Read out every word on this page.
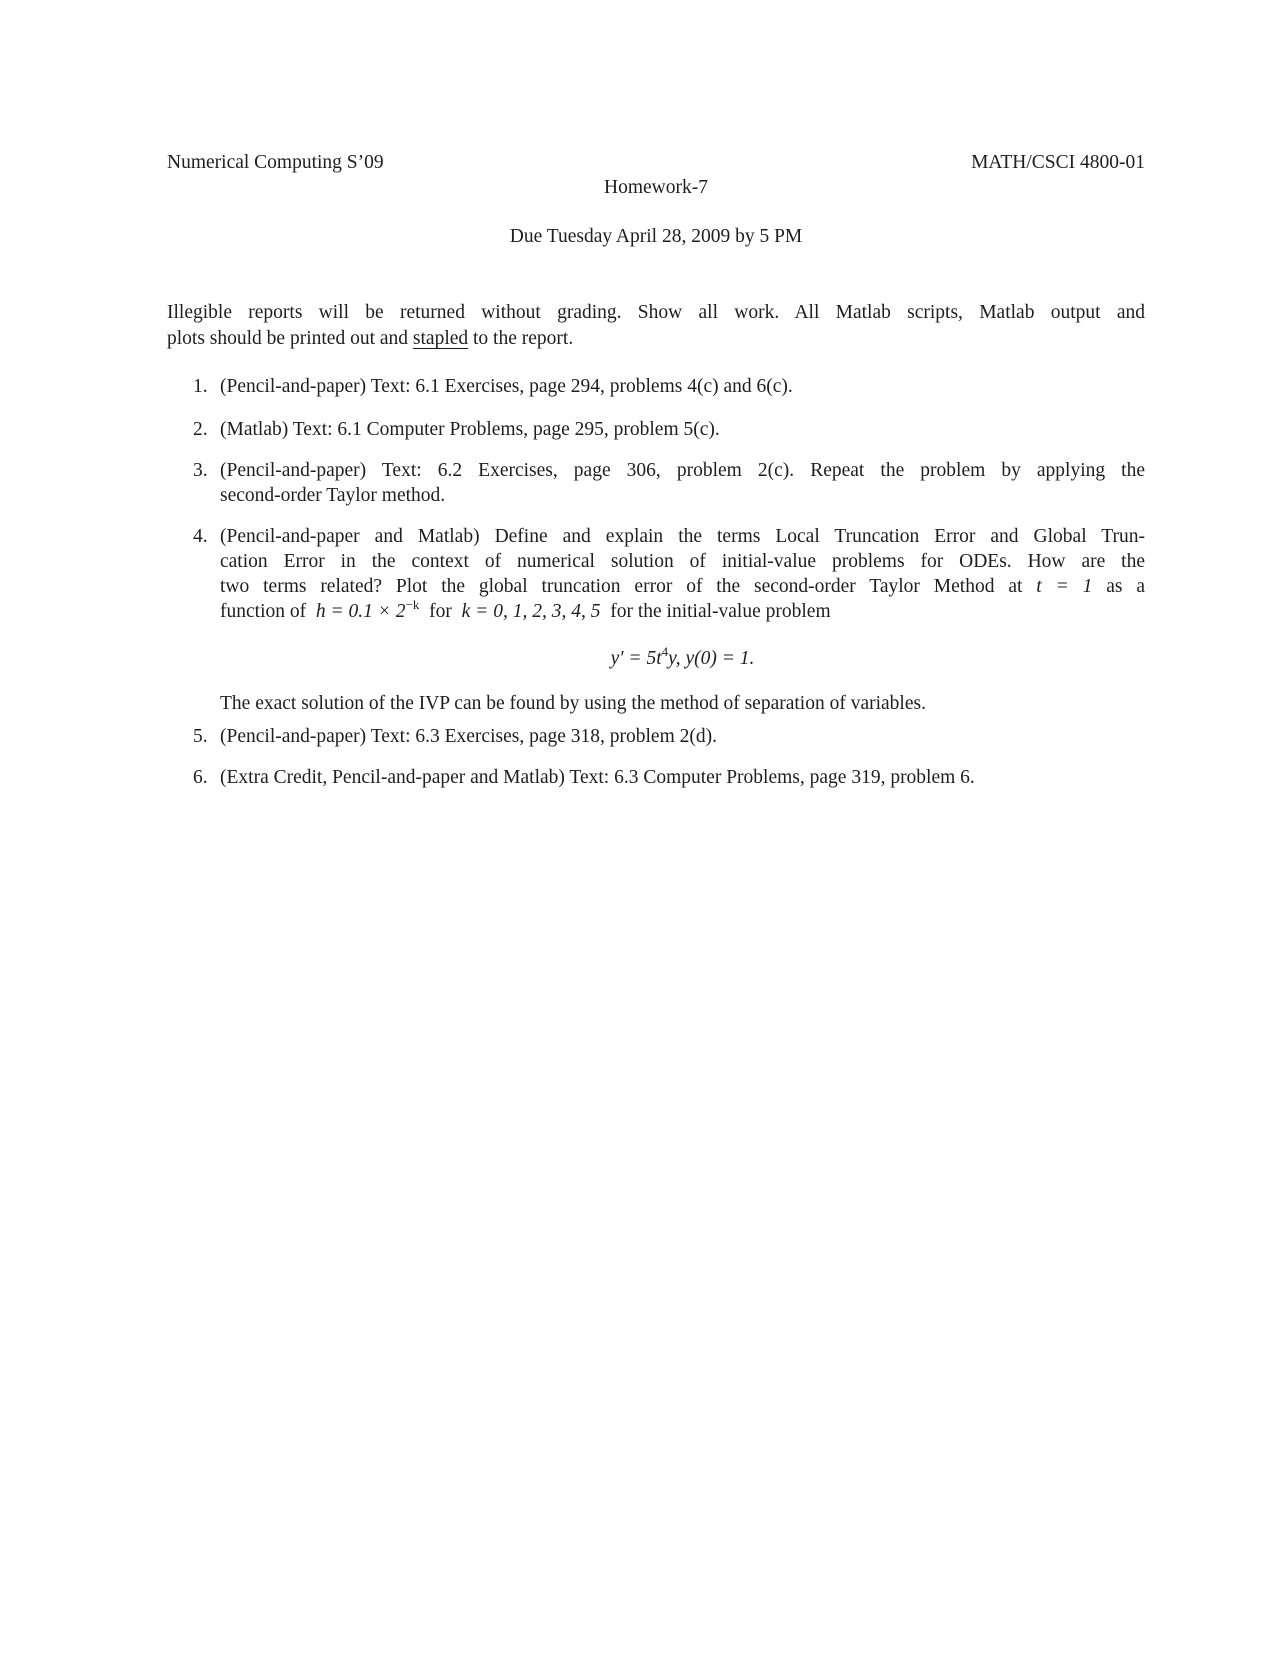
Numerical Computing S’09	MATH/CSCI 4800-01
Homework-7
Due Tuesday April 28, 2009 by 5 PM
Illegible reports will be returned without grading. Show all work. All Matlab scripts, Matlab output and
plots should be printed out and stapled to the report.
1. (Pencil-and-paper) Text: 6.1 Exercises, page 294, problems 4(c) and 6(c).
2. (Matlab) Text: 6.1 Computer Problems, page 295, problem 5(c).
3. (Pencil-and-paper) Text: 6.2 Exercises, page 306, problem 2(c). Repeat the problem by applying the
second-order Taylor method.
4. (Pencil-and-paper and Matlab) Define and explain the terms Local Truncation Error and Global Trun-
cation Error in the context of numerical solution of initial-value problems for ODEs. How are the
two terms related? Plot the global truncation error of the second-order Taylor Method at t = 1 as a
function of $h = 0.1 \times 2^{-k}$ for k = 0, 1, 2, 3, 4, 5 for the initial-value problem
$y' = 5t^4y$, y(0) = 1.
The exact solution of the IVP can be found by using the method of separation of variables.
5. (Pencil-and-paper) Text: 6.3 Exercises, page 318, problem 2(d).
6. (Extra Credit, Pencil-and-paper and Matlab) Text: 6.3 Computer Problems, page 319, problem 6.
